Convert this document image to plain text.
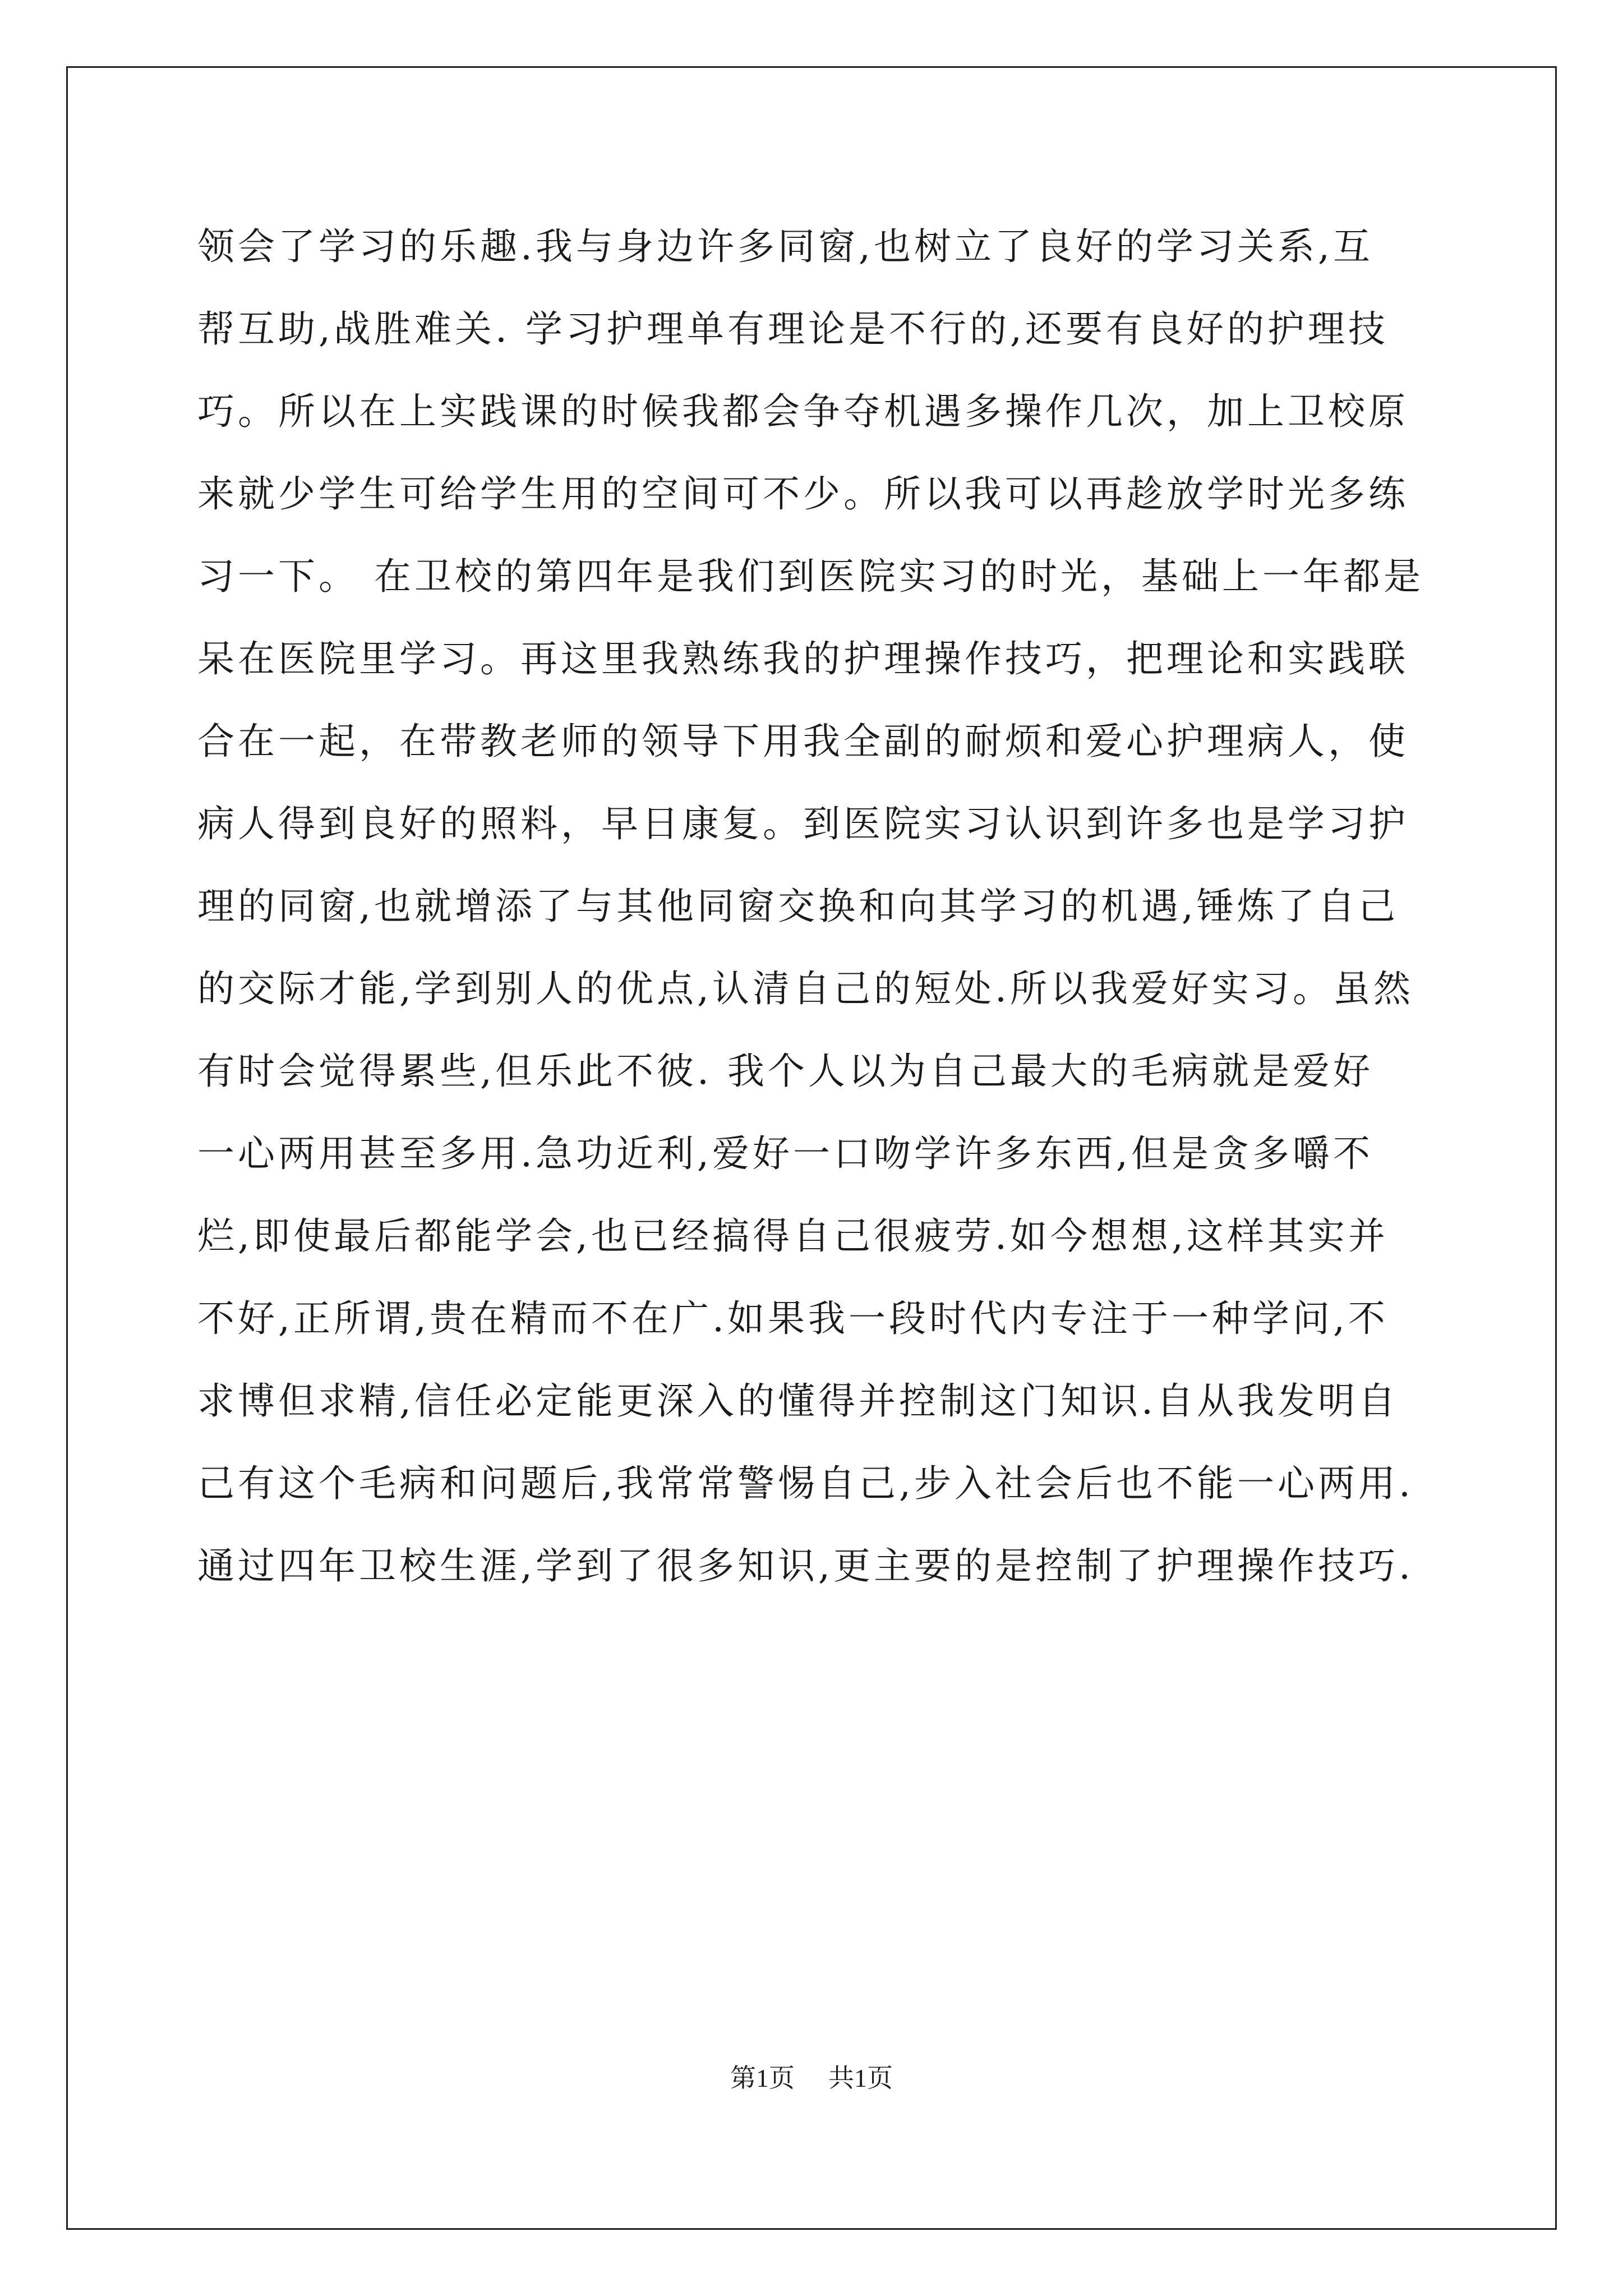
领会了学习的乐趣.我与身边许多同窗,也树立了良好的学习关系,互
帮互助,战胜难关. 学习护理单有理论是不行的,还要有良好的护理技
巧。所以在上实践课的时候我都会争夺机遇多操作几次，加上卫校原
来就少学生可给学生用的空间可不少。所以我可以再趁放学时光多练
习一下。 在卫校的第四年是我们到医院实习的时光，基础上一年都是
呆在医院里学习。再这里我熟练我的护理操作技巧，把理论和实践联
合在一起，在带教老师的领导下用我全副的耐烦和爱心护理病人，使
病人得到良好的照料，早日康复。到医院实习认识到许多也是学习护
理的同窗,也就增添了与其他同窗交换和向其学习的机遇,锤炼了自己
的交际才能,学到别人的优点,认清自己的短处.所以我爱好实习。虽然
有时会觉得累些,但乐此不彼. 我个人以为自己最大的毛病就是爱好
一心两用甚至多用.急功近利,爱好一口吻学许多东西,但是贪多嚼不
烂,即使最后都能学会,也已经搞得自己很疲劳.如今想想,这样其实并
不好,正所谓,贵在精而不在广.如果我一段时代内专注于一种学问,不
求博但求精,信任必定能更深入的懂得并控制这门知识.自从我发明自
己有这个毛病和问题后,我常常警惕自己,步入社会后也不能一心两用.
通过四年卫校生涯,学到了很多知识,更主要的是控制了护理操作技巧.
第1页 共1页
